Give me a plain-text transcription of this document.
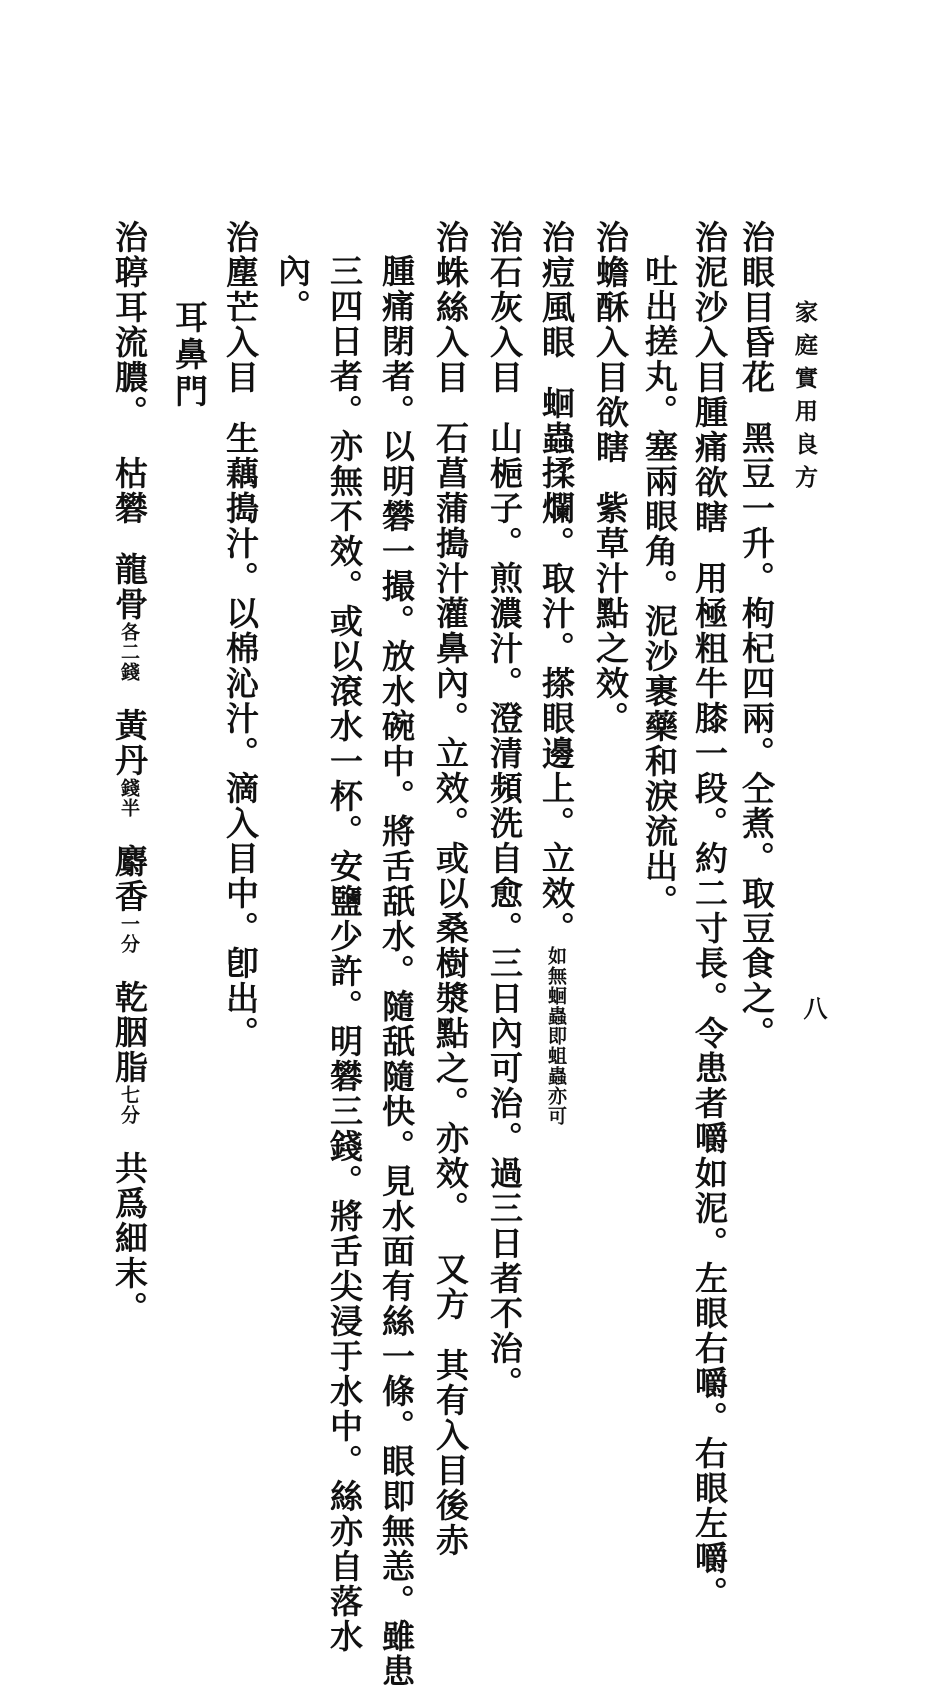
家庭實用良方
八
治眼目昏花黑豆一升。枸杞四兩。仝煮。取豆食之。
治泥沙入目腫痛欲瞎用極粗牛膝一段。約二寸長。令患者嚼如泥。左眼右嚼。右眼左嚼。
吐出搓丸。塞兩眼角。泥沙裹藥和淚流出。
治蟾酥入目欲瞎紫草汁點之效。
治痘風眼蛔蟲揉爛。取汁。搽眼邊上。立效。如無蛔蟲即蛆蟲亦可
治石灰入目山梔子。煎濃汁。澄清頻洗自愈。三日內可治。過三日者不治。
治蛛絲入目石菖蒲搗汁灌鼻內。立效。或以桑樹漿點之。亦效。又方其有入目後赤
腫痛閉者。以明礬一撮。放水碗中。將舌舐水。隨舐隨快。見水面有絲一條。眼即無恙。雖患
三四日者。亦無不效。或以滾水一杯。安鹽少許。明礬三錢。將舌尖浸于水中。絲亦自落水
內。
治塵芒入目生藕搗汁。以棉沁汁。滴入目中。卽出。
耳鼻門
治聤耳流膿。枯礬龍骨各二錢黃丹錢半麝香一分乾胭脂七分共爲細末。
